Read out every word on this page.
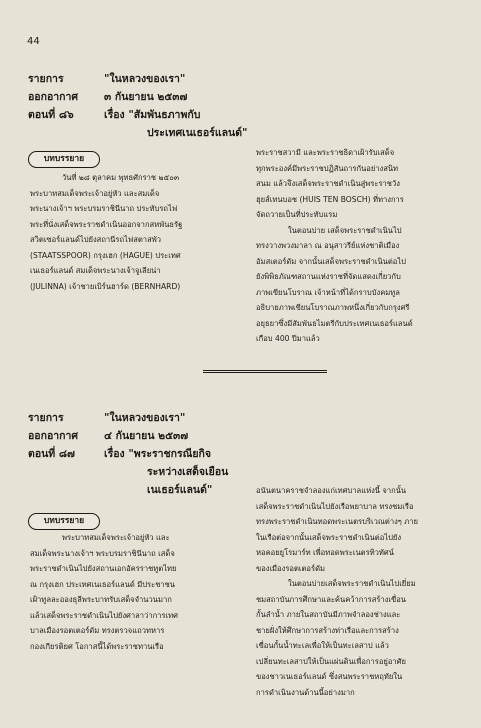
44
รายการ	"ในหลวงของเรา"
ออกอากาศ	๓ กันยายน ๒๕๓๗
ตอนที่ ๘๖	เรื่อง "สัมพันธภาพกับ
ประเทศเนเธอร์แลนด์"
บทบรรยาย

วันที่ ๒๘ ตุลาคม พุทธศักราช ๒๕๐๓

พระบาทสมเด็จพระเจ้าอยู่หัว และสมเด็จ

พระนางเจ้าฯ พระบรมราชินีนาถ ประทับรถไฟ

พระที่นั่งเสด็จพระราชดำเนินออกจากสหพันธรัฐ

สวิตเซอร์แลนด์ไปยังสถานีรถไฟสตาสพัว

(STAATSSPOOR) กรุงเฮก (HAGUE) ประเทศ

เนเธอร์แลนด์ สมเด็จพระนางเจ้าจูเลียน่า

(JULINNA) เจ้าชายเบิร์นฮาร์ด (BERNHARD)

พระราชสวามี และพระราชธิดาเฝ้ารับเสด็จ

ทุกพระองค์มีพระราชปฏิสันถารกันอย่างสนิท

สนม แล้วจึงเสด็จพระราชดำเนินสู่พระราชวัง

ฮุยส์เทนบอช (HUIS TEN BOSCH) ที่ทางการ

จัดถวายเป็นที่ประทับแรม

ในตอนบ่าย เสด็จพระราชดำเนินไป

ทรงวางพวงมาลา ณ อนุสาวรีย์แห่งชาติเมือง

อัมสเตอร์ดัม จากนั้นเสด็จพระราชดำเนินต่อไป

ยังพิพิธภัณฑสถานแห่งราชที่จัดแสดงเกี่ยวกับ

ภาพเขียนโบราณ เจ้าหน้าที่ได้กราบบังคมทูล

อธิบายภาพเขียนโบราณภาพหนึ่งเกี่ยวกับกรุงศรี

อยุธยาซึ่งมีสัมพันธไมตรีกับประเทศเนเธอร์แลนด์

เกือบ 400 ปีมาแล้ว

รายการ	"ในหลวงของเรา"
ออกอากาศ	๔ กันยายน ๒๕๓๗
ตอนที่ ๘๗	เรื่อง "พระราชกรณียกิจ
ระหว่างเสด็จเยือน
เนเธอร์แลนด์"
บทบรรยาย

พระบาทสมเด็จพระเจ้าอยู่หัว และ

สมเด็จพระนางเจ้าฯ พระบรมราชินีนาถ เสด็จ

พระราชดำเนินไปยังสถานเอกอัครราชทูตไทย

ณ กรุงเฮก ประเทศเนเธอร์แลนด์ มีประชาชน

เฝ้าทูลละอองธุลีพระบาทรับเสด็จจำนวนมาก

แล้วเสด็จพระราชดำเนินไปยังศาลาว่าการเทศ

บาลเมืองรอตเตอร์ดัม ทรงตรวจแถวทหาร

กองเกียรติยศ โอกาสนี้ได้พระราชทานเรือ

อนันตนาคราชจำลองแก่เทศบาลแห่งนี้ จากนั้น

เสด็จพระราชดำเนินไปยังเรือพยาบาล ทรงชมเรือ

ทรงพระราชดำเนินทอดพระเนตรบริเวณต่างๆ ภาย

ในเรือต่อจากนั้นเสด็จพระราชดำเนินต่อไปยัง

หอคอยยูโรมาร์ท เพื่อทอดพระเนตรทิวทัศน์

ของเมืองรอตเตอร์ดัม

ในตอนบ่ายเสด็จพระราชดำเนินไปเยี่ยม

ชมสถาบันการศึกษาและค้นคว้าการสร้างเขื่อน

กั้นลำน้ำ ภายในสถาบันมีภาพจำลองช่างและ

ชายฝั่งให้ศึกษาการสร้างท่าเรือและการสร้าง

เขื่อนกั้นน้ำทะเลเพื่อให้เป็นทะเลสาป แล้ว

เปลี่ยนทะเลสาปให้เป็นแผ่นดินเพื่อการอยู่อาศัย

ของชาวเนเธอร์แลนด์ ซึ่งสนพระราชหฤทัยใน

การดำเนินงานด้านนี้อย่างมาก
